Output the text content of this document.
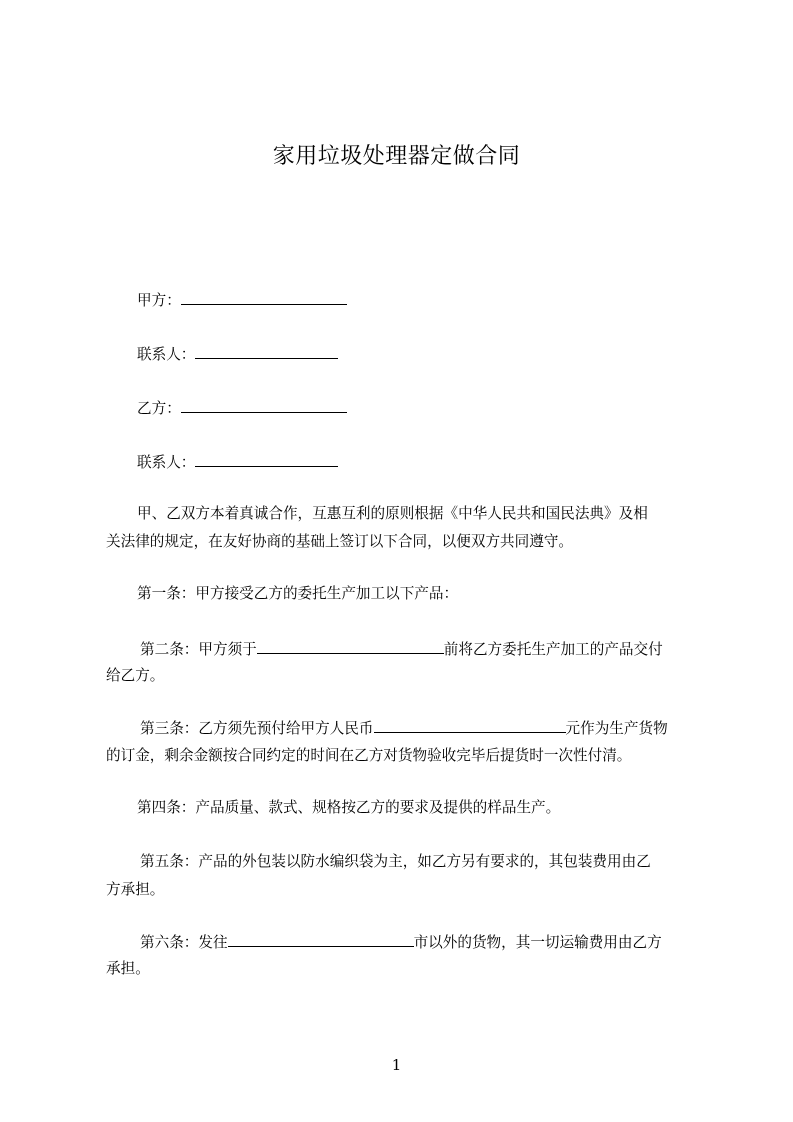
家用垃圾处理器定做合同
甲方：
联系人：
乙方：
联系人：
甲、乙双方本着真诚合作，互惠互利的原则根据《中华人民共和国民法典》及相
关法律的规定，在友好协商的基础上签订以下合同，以便双方共同遵守。
第一条：甲方接受乙方的委托生产加工以下产品：
第二条：甲方须于	前将乙方委托生产加工的产品交付
给乙方。
第三条：乙方须先预付给甲方人民币	元作为生产货物
的订金，剩余金额按合同约定的时间在乙方对货物验收完毕后提货时一次性付清。
第四条：产品质量、款式、规格按乙方的要求及提供的样品生产。
第五条：产品的外包装以防水编织袋为主，如乙方另有要求的，其包装费用由乙
方承担。
第六条：发往	市以外的货物，其一切运输费用由乙方
承担。
1
